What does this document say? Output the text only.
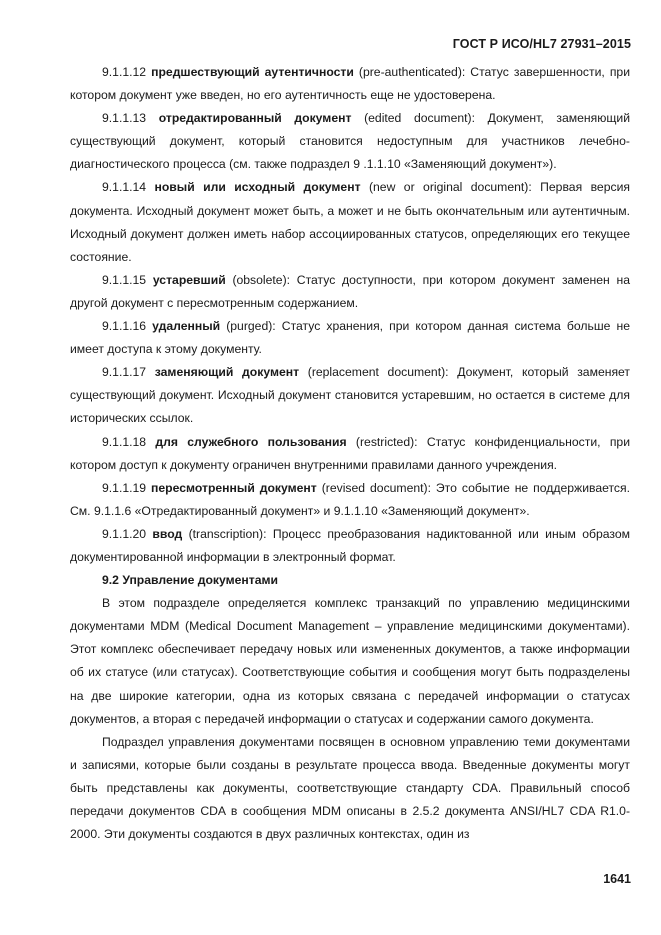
ГОСТ Р ИСО/HL7 27931–2015

9.1.1.12 предшествующий аутентичности (pre-authenticated): Статус завершенности, при котором документ уже введен, но его аутентичность еще не удостоверена.

9.1.1.13 отредактированный документ (edited document): Документ, заменяющий существующий документ, который становится недоступным для участников лечебно-диагностического процесса (см. также подраздел 9 .1.1.10 «Заменяющий документ»).

9.1.1.14 новый или исходный документ (new or original document): Первая версия документа. Исходный документ может быть, а может и не быть окончательным или аутентичным. Исходный документ должен иметь набор ассоциированных статусов, определяющих его текущее состояние.

9.1.1.15 устаревший (obsolete): Статус доступности, при котором документ заменен на другой документ с пересмотренным содержанием.

9.1.1.16 удаленный (purged): Статус хранения, при котором данная система больше не имеет доступа к этому документу.

9.1.1.17 заменяющий документ (replacement document): Документ, который заменяет существующий документ. Исходный документ становится устаревшим, но остается в системе для исторических ссылок.

9.1.1.18 для служебного пользования (restricted): Статус конфиденциальности, при котором доступ к документу ограничен внутренними правилами данного учреждения.

9.1.1.19 пересмотренный документ (revised document): Это событие не поддерживается. См. 9.1.1.6 «Отредактированный документ» и 9.1.1.10 «Заменяющий документ».

9.1.1.20 ввод (transcription): Процесс преобразования надиктованной или иным образом документированной информации в электронный формат.

9.2 Управление документами

В этом подразделе определяется комплекс транзакций по управлению медицинскими документами MDM (Medical Document Management – управление медицинскими документами). Этот комплекс обеспечивает передачу новых или измененных документов, а также информации об их статусе (или статусах). Соответствующие события и сообщения могут быть подразделены на две широкие категории, одна из которых связана с передачей информации о статусах документов, а вторая с передачей информации о статусах и содержании самого документа.

Подраздел управления документами посвящен в основном управлению теми документами и записями, которые были созданы в результате процесса ввода. Введенные документы могут быть представлены как документы, соответствующие стандарту CDA. Правильный способ передачи документов CDA в сообщения MDM описаны в 2.5.2 документа ANSI/HL7 CDA R1.0-2000. Эти документы создаются в двух различных контекстах, один из

1641
